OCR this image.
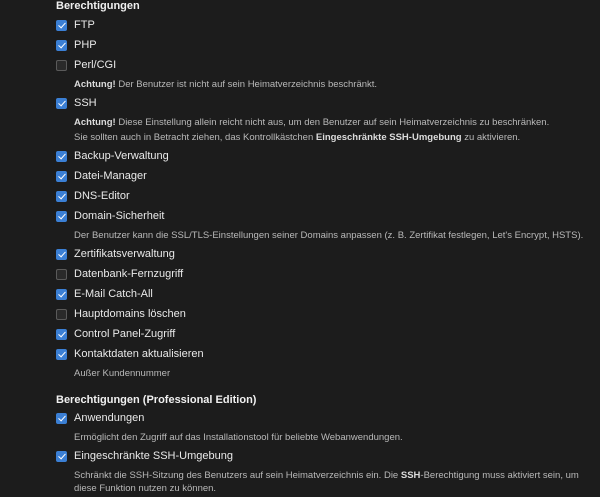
Berechtigungen
FTP
PHP
Perl/CGI
Achtung! Der Benutzer ist nicht auf sein Heimatverzeichnis beschränkt.
SSH
Achtung! Diese Einstellung allein reicht nicht aus, um den Benutzer auf sein Heimatverzeichnis zu beschränken.
Sie sollten auch in Betracht ziehen, das Kontrollkästchen Eingeschränkte SSH-Umgebung zu aktivieren.
Backup-Verwaltung
Datei-Manager
DNS-Editor
Domain-Sicherheit
Der Benutzer kann die SSL/TLS-Einstellungen seiner Domains anpassen (z. B. Zertifikat festlegen, Let's Encrypt, HSTS).
Zertifikatsverwaltung
Datenbank-Fernzugriff
E-Mail Catch-All
Hauptdomains löschen
Control Panel-Zugriff
Kontaktdaten aktualisieren
Außer Kundennummer
Berechtigungen (Professional Edition)
Anwendungen
Ermöglicht den Zugriff auf das Installationstool für beliebte Webanwendungen.
Eingeschränkte SSH-Umgebung
Schränkt die SSH-Sitzung des Benutzers auf sein Heimatverzeichnis ein. Die SSH-Berechtigung muss aktiviert sein, um diese Funktion nutzen zu können.
